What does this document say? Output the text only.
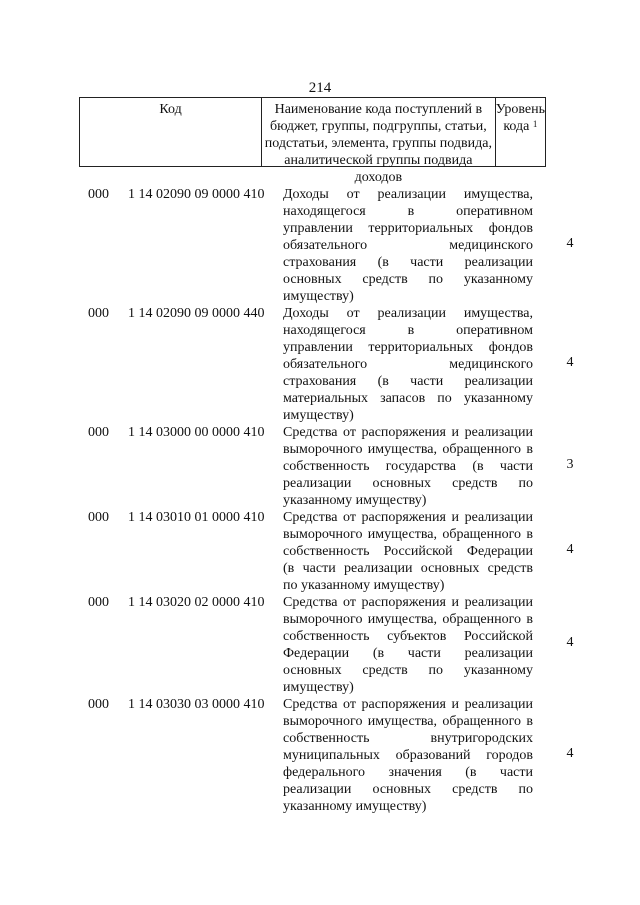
214
Код	Наименование кода поступлений в
бюджет, группы, подгруппы, статьи,
подстатьи, элемента, группы подвида,
аналитической группы подвида доходов
Уровень
кода $^1$
000 1 14 02090 09 0000 410 Доходы от реализации имущества,
находящегося в оперативном
управлении территориальных фондов
обязательного медицинского
страхования (в части реализации
основных средств по указанному
имуществу)
4
000 1 14 02090 09 0000 440 Доходы от реализации имущества,
находящегося в оперативном
управлении территориальных фондов
обязательного медицинского
страхования (в части реализации
материальных запасов по указанному
имуществу)
4
000 1 14 03000 00 0000 410 Средства от распоряжения и реализации
выморочного имущества, обращенного в
собственность государства (в части
реализации основных средств по
указанному имуществу)
3
000 1 14 03010 01 0000 410 Средства от распоряжения и реализации
выморочного имущества, обращенного в
собственность Российской Федерации
(в части реализации основных средств
по указанному имуществу)
4
000 1 14 03020 02 0000 410 Средства от распоряжения и реализации
выморочного имущества, обращенного в
собственность субъектов Российской
Федерации (в части реализации
основных средств по указанному
имуществу)
4
000 1 14 03030 03 0000 410 Средства от распоряжения и реализации
выморочного имущества, обращенного в
собственность внутригородских
муниципальных образований городов
федерального значения (в части
реализации основных средств по
указанному имуществу)
4
